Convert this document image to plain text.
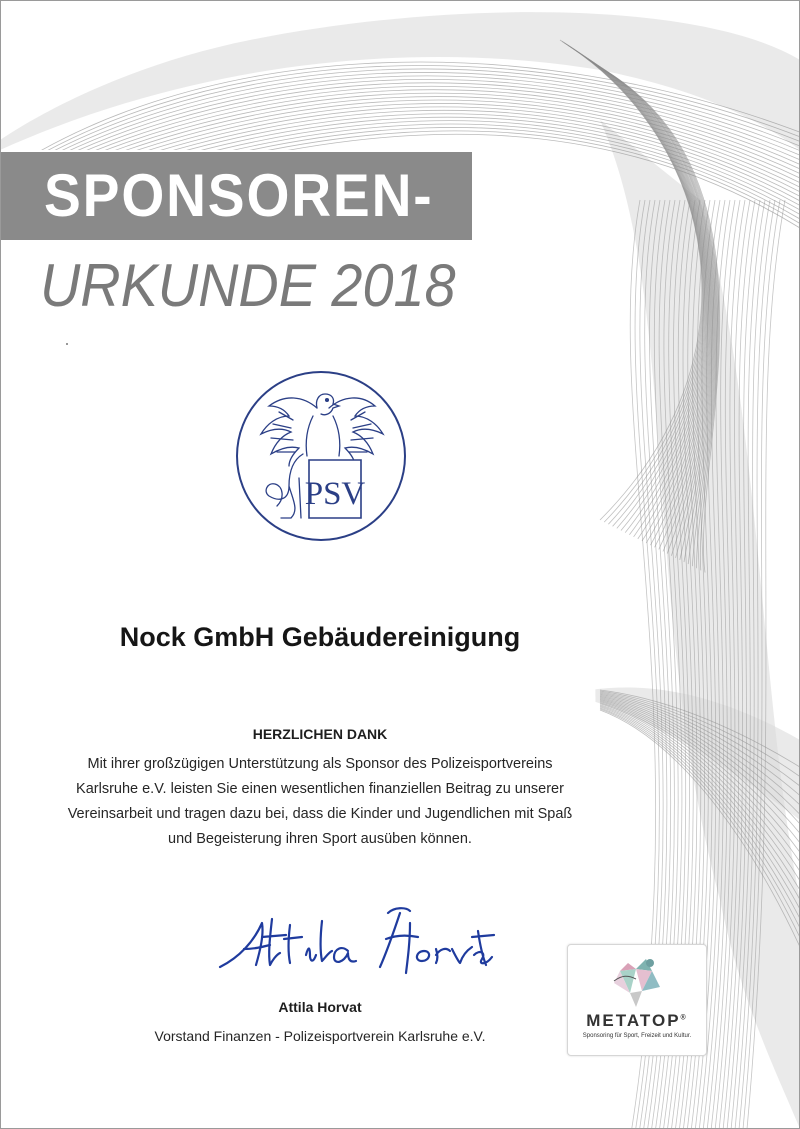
SPONSOREN-
URKUNDE 2018
PSV
Nock GmbH Gebäudereinigung
HERZLICHEN DANK
Mit ihrer großzügigen Unterstützung als Sponsor des Polizeisportvereins
Karlsruhe e.V. leisten Sie einen wesentlichen finanziellen Beitrag zu unserer
Vereinsarbeit und tragen dazu bei, dass die Kinder und Jugendlichen mit Spaß
und Begeisterung ihren Sport ausüben können.
Attila Horvat
Vorstand Finanzen - Polizeisportverein Karlsruhe e.V.
METATOP®
Sponsoring für Sport, Freizeit und Kultur.
